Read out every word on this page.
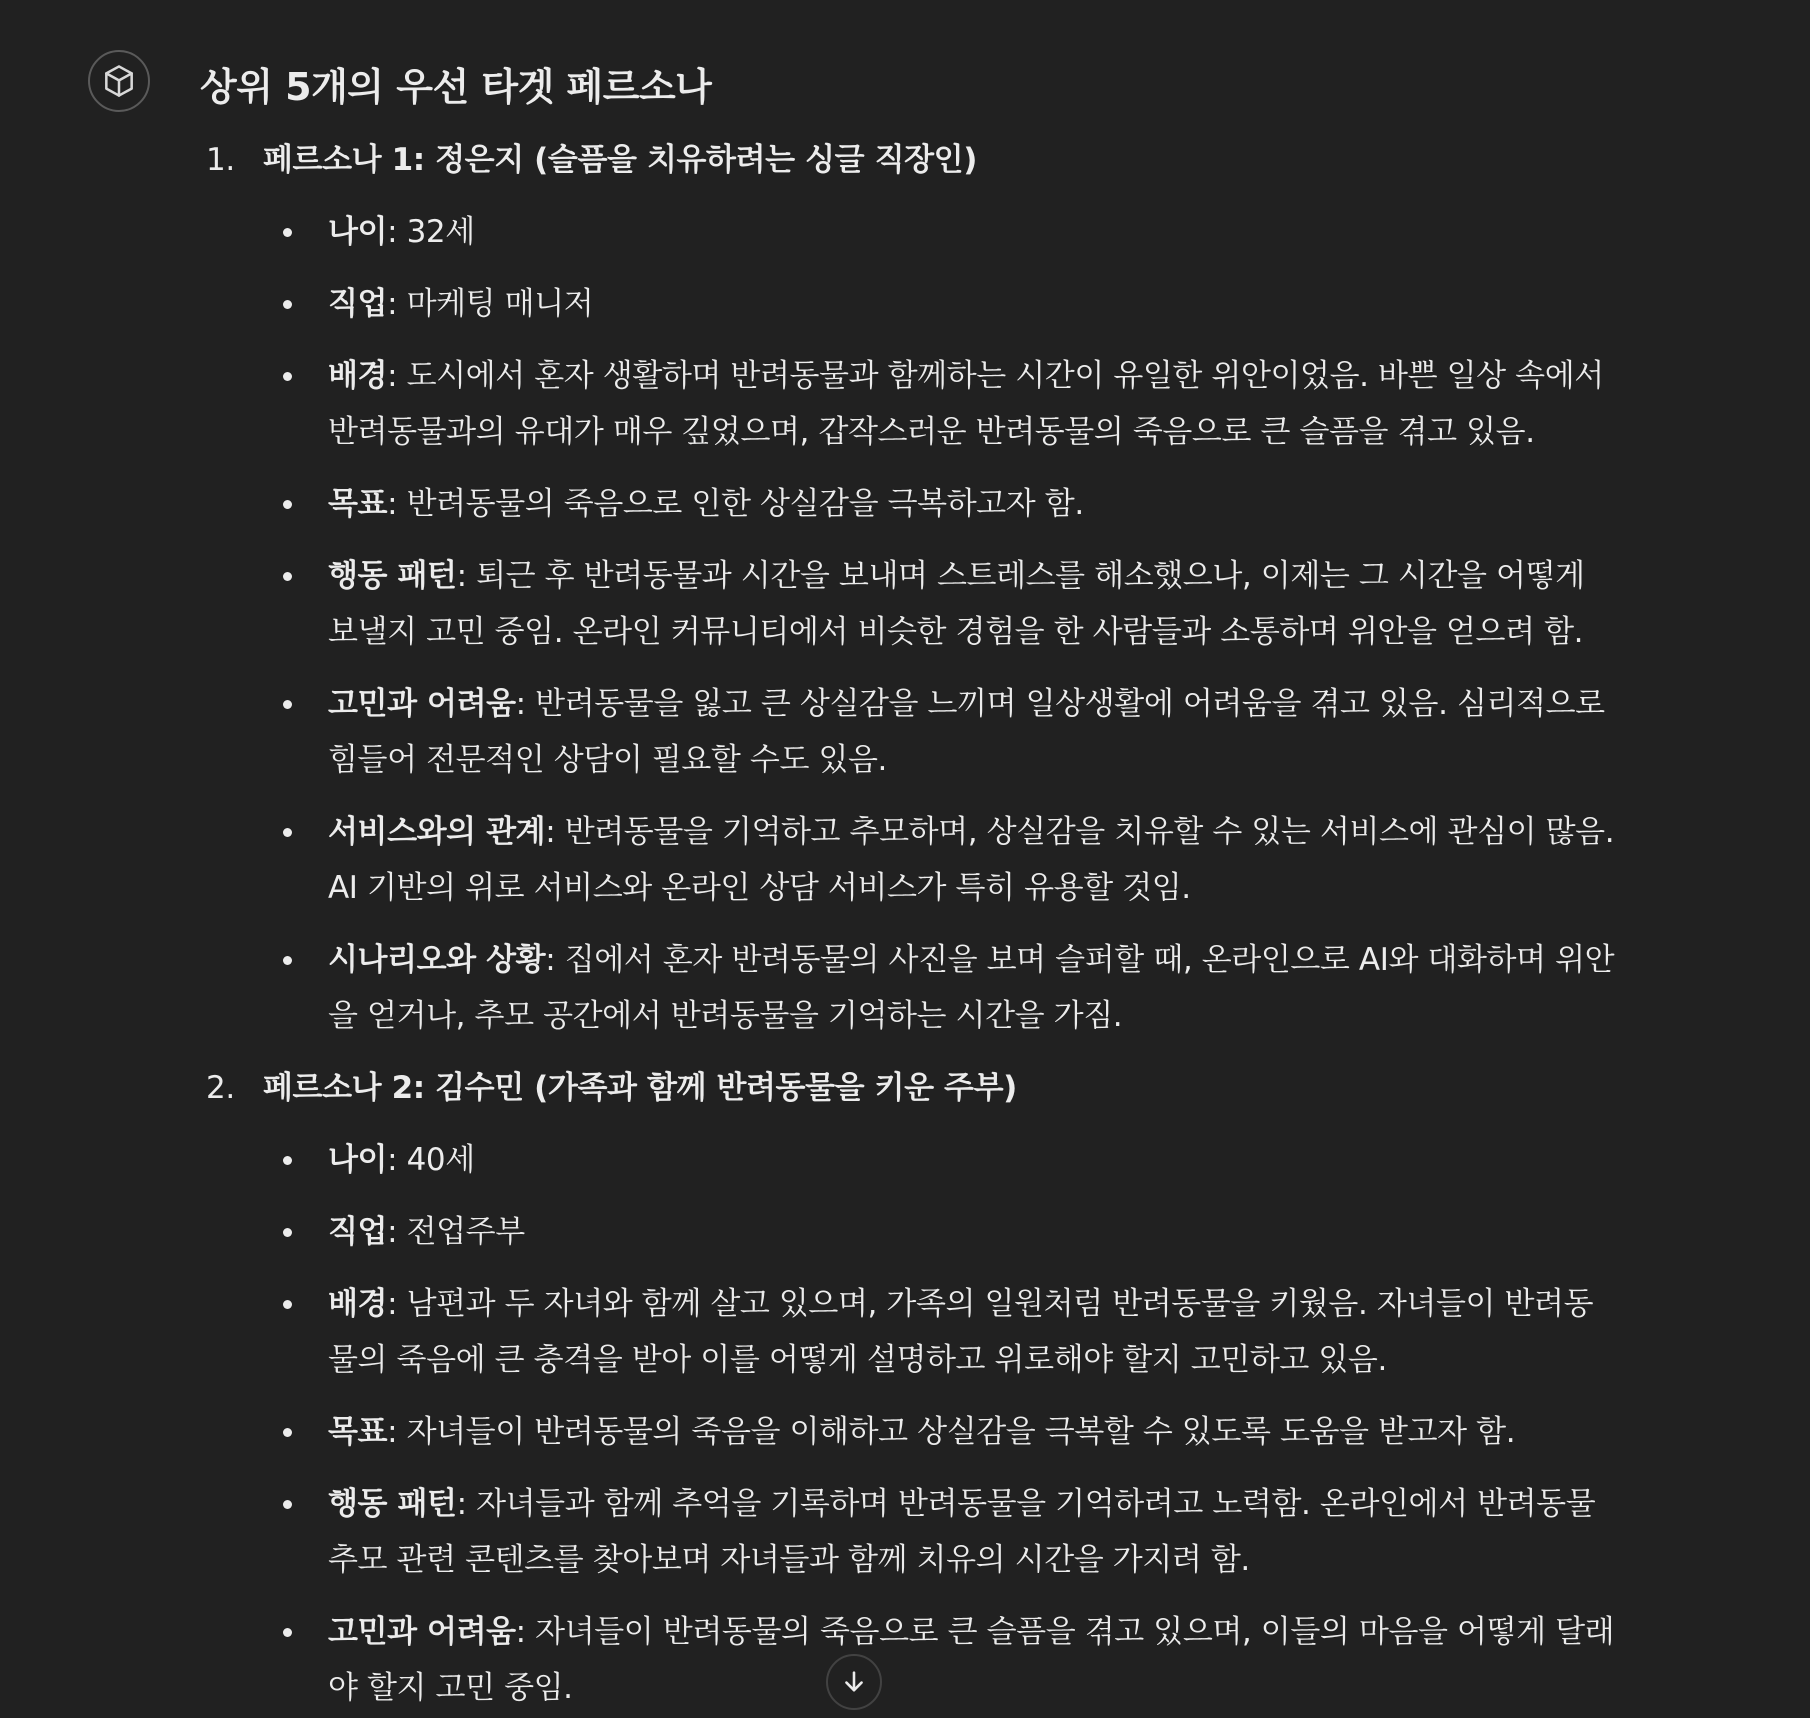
상위 5개의 우선 타겟 페르소나
1. 페르소나 1: 정은지 (슬픔을 치유하려는 싱글 직장인)
나이: 32세
직업: 마케팅 매니저
배경: 도시에서 혼자 생활하며 반려동물과 함께하는 시간이 유일한 위안이었음. 바쁜 일상 속에서 반려동물과의 유대가 매우 깊었으며, 갑작스러운 반려동물의 죽음으로 큰 슬픔을 겪고 있음.
목표: 반려동물의 죽음으로 인한 상실감을 극복하고자 함.
행동 패턴: 퇴근 후 반려동물과 시간을 보내며 스트레스를 해소했으나, 이제는 그 시간을 어떻게 보낼지 고민 중임. 온라인 커뮤니티에서 비슷한 경험을 한 사람들과 소통하며 위안을 얻으려 함.
고민과 어려움: 반려동물을 잃고 큰 상실감을 느끼며 일상생활에 어려움을 겪고 있음. 심리적으로 힘들어 전문적인 상담이 필요할 수도 있음.
서비스와의 관계: 반려동물을 기억하고 추모하며, 상실감을 치유할 수 있는 서비스에 관심이 많음. AI 기반의 위로 서비스와 온라인 상담 서비스가 특히 유용할 것임.
시나리오와 상황: 집에서 혼자 반려동물의 사진을 보며 슬퍼할 때, 온라인으로 AI와 대화하며 위안을 얻거나, 추모 공간에서 반려동물을 기억하는 시간을 가짐.
2. 페르소나 2: 김수민 (가족과 함께 반려동물을 키운 주부)
나이: 40세
직업: 전업주부
배경: 남편과 두 자녀와 함께 살고 있으며, 가족의 일원처럼 반려동물을 키웠음. 자녀들이 반려동물의 죽음에 큰 충격을 받아 이를 어떻게 설명하고 위로해야 할지 고민하고 있음.
목표: 자녀들이 반려동물의 죽음을 이해하고 상실감을 극복할 수 있도록 도움을 받고자 함.
행동 패턴: 자녀들과 함께 추억을 기록하며 반려동물을 기억하려고 노력함. 온라인에서 반려동물 추모 관련 콘텐츠를 찾아보며 자녀들과 함께 치유의 시간을 가지려 함.
고민과 어려움: 자녀들이 반려동물의 죽음으로 큰 슬픔을 겪고 있으며, 이들의 마음을 어떻게 달래야 할지 고민 중임.
